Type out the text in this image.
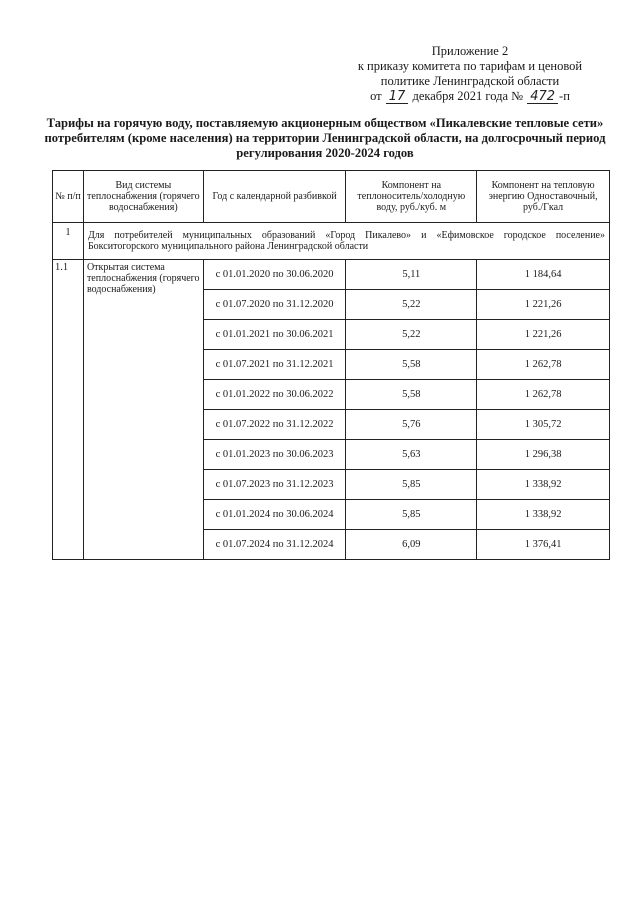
Приложение 2
к приказу комитета по тарифам и ценовой
политике Ленинградской области
от 17 декабря 2021 года № 472 -п
Тарифы на горячую воду, поставляемую акционерным обществом «Пикалевские тепловые сети» потребителям (кроме населения) на территории Ленинградской области, на долгосрочный период регулирования 2020-2024 годов
№ п/п	Вид системы теплоснабжения (горячего водоснабжения)	Год с календарной разбивкой	Компонент на теплоноситель/холодную воду, руб./куб. м	Компонент на тепловую энергию Одноставочный, руб./Гкал
1	Для потребителей муниципальных образований «Город Пикалево» и «Ефимовское городское поселение» Бокситогорского муниципального района Ленинградской области			
1.1	Открытая система теплоснабжения (горячего водоснабжения)	с 01.01.2020 по 30.06.2020	5,11	1 184,64
		с 01.07.2020 по 31.12.2020	5,22	1 221,26
		с 01.01.2021 по 30.06.2021	5,22	1 221,26
		с 01.07.2021 по 31.12.2021	5,58	1 262,78
		с 01.01.2022 по 30.06.2022	5,58	1 262,78
		с 01.07.2022 по 31.12.2022	5,76	1 305,72
		с 01.01.2023 по 30.06.2023	5,63	1 296,38
		с 01.07.2023 по 31.12.2023	5,85	1 338,92
		с 01.01.2024 по 30.06.2024	5,85	1 338,92
		с 01.07.2024 по 31.12.2024	6,09	1 376,41
